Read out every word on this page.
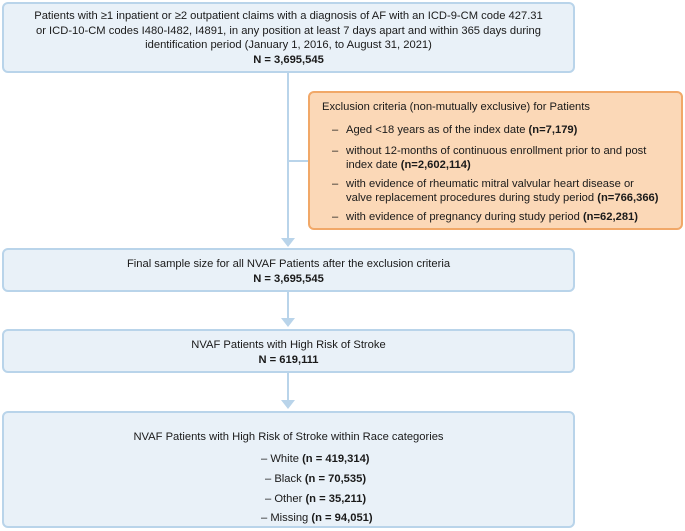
Patients with ≥1 inpatient or ≥2 outpatient claims with a diagnosis of AF with an ICD-9-CM code 427.31
or ICD-10-CM codes I480-I482, I4891, in any position at least 7 days apart and within 365 days during
identification period (January 1, 2016, to August 31, 2021)
N = 3,695,545
Exclusion criteria (non-mutually exclusive) for Patients
– Aged <18 years as of the index date (n=7,179)
– without 12-months of continuous enrollment prior to and post
index date (n=2,602,114)
– with evidence of rheumatic mitral valvular heart disease or
valve replacement procedures during study period (n=766,366)
– with evidence of pregnancy during study period (n=62,281)
Final sample size for all NVAF Patients after the exclusion criteria
N = 3,695,545
NVAF Patients with High Risk of Stroke
N = 619,111
NVAF Patients with High Risk of Stroke within Race categories
– White (n = 419,314)
– Black (n = 70,535)
– Other (n = 35,211)
– Missing (n = 94,051)
